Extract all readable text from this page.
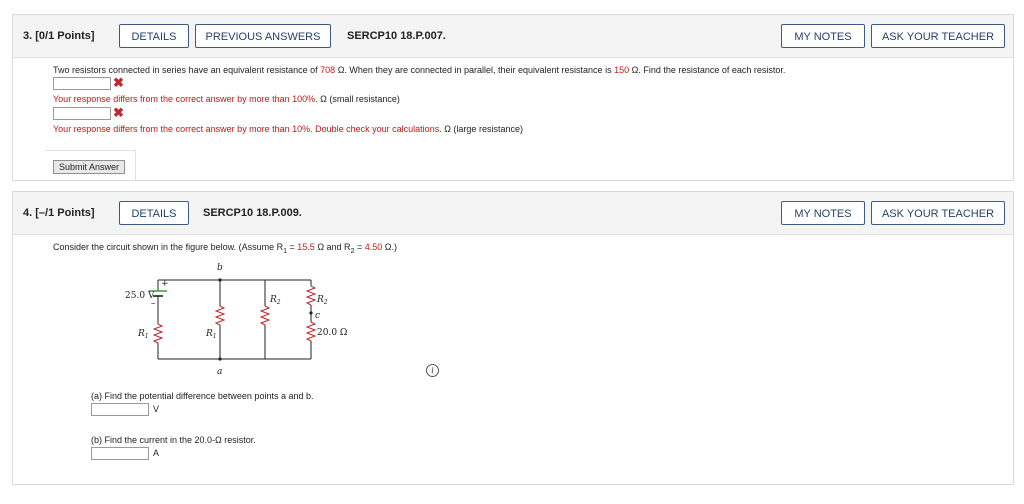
3. [0/1 Points]	DETAILS	PREVIOUS ANSWERS	SERCP10 18.P.007.	MY NOTES	ASK YOUR TEACHER
Two resistors connected in series have an equivalent resistance of 708 Ω. When they are connected in parallel, their equivalent resistance is 150 Ω. Find the resistance of each resistor.
✖
Your response differs from the correct answer by more than 100%. Ω (small resistance)
✖
Your response differs from the correct answer by more than 10%. Double check your calculations. Ω (large resistance)
Submit Answer
4. [–/1 Points]	DETAILS	SERCP10 18.P.009.	MY NOTES	ASK YOUR TEACHER
Consider the circuit shown in the figure below. (Assume $R_1 = 15.5$ Ω and $R_2 = 4.50$ Ω.)
b
a
c
+
–
25.0 V
$R_1$	$R_1$
$R_2$	$R_2$
20.0 Ω
i
(a) Find the potential difference between points a and b.
V
(b) Find the current in the 20.0-Ω resistor.
A
